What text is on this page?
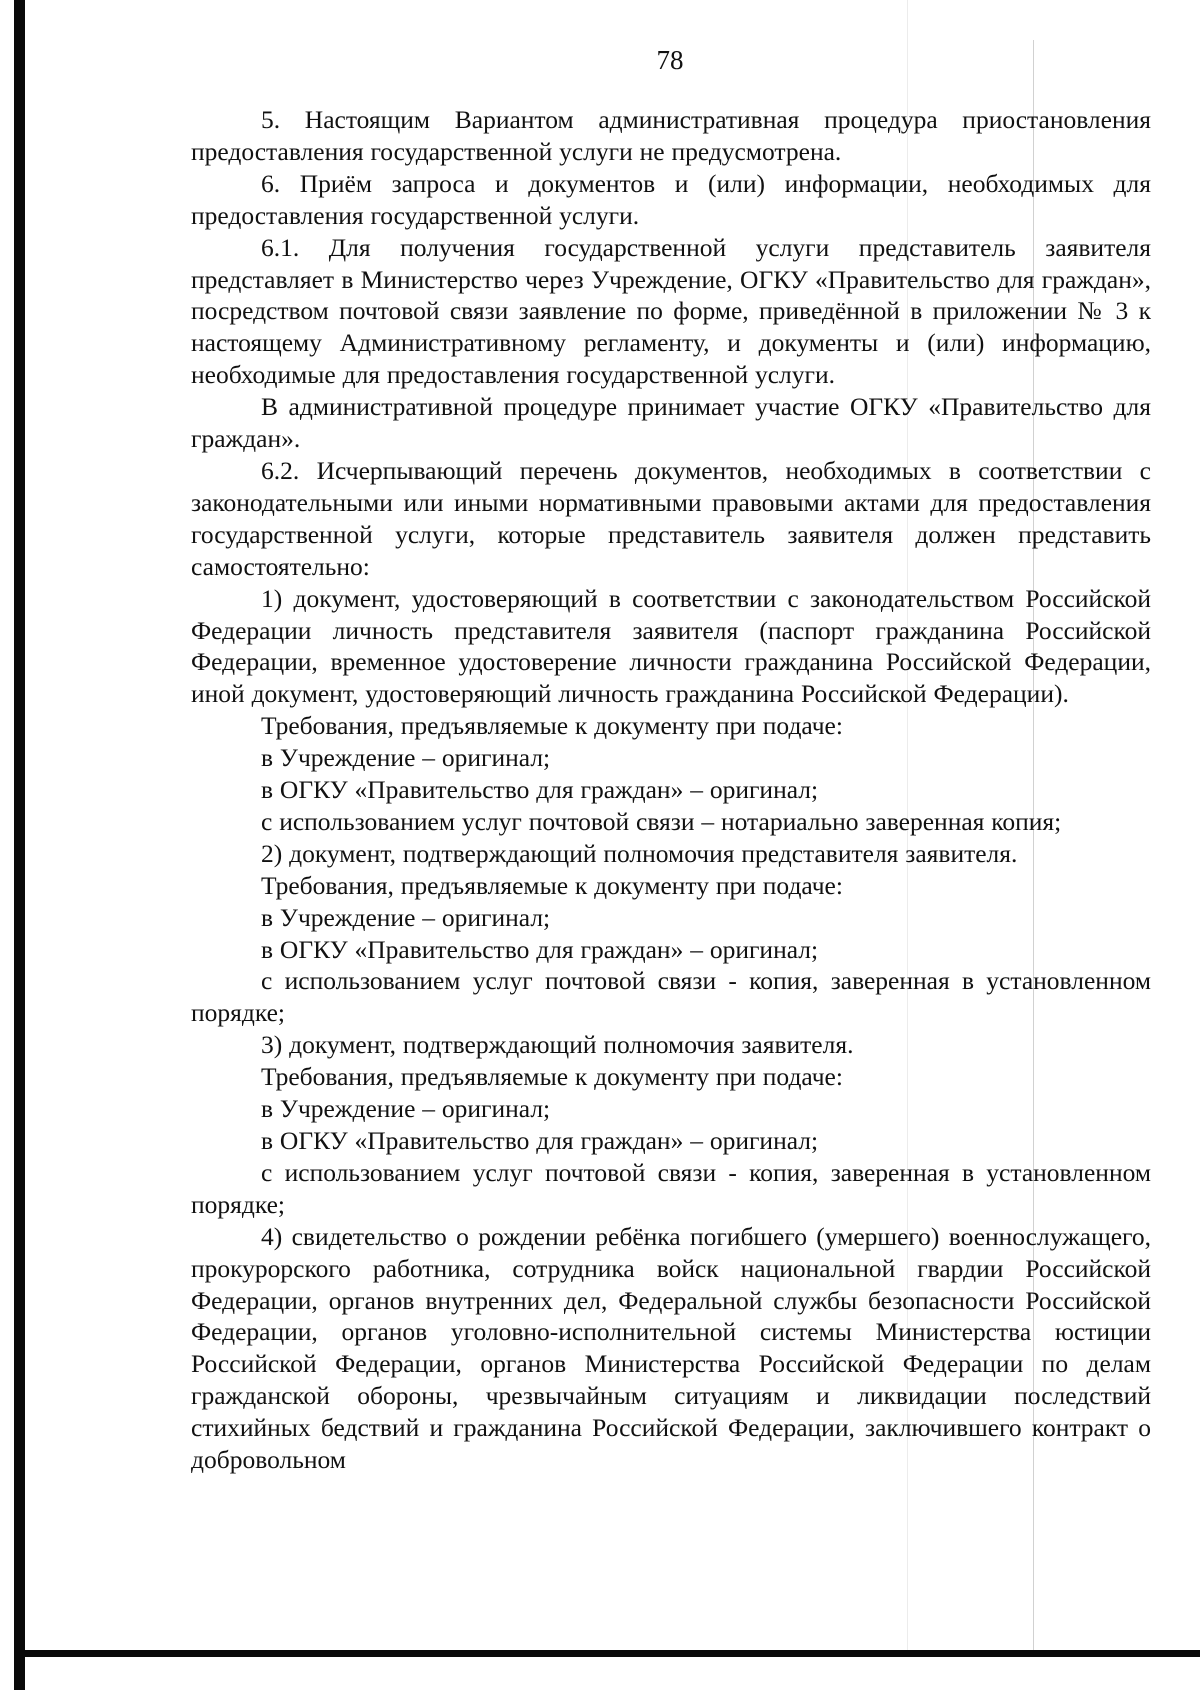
78

5. Настоящим Вариантом административная процедура приостановления предоставления государственной услуги не предусмотрена.

6. Приём запроса и документов и (или) информации, необходимых для предоставления государственной услуги.

6.1. Для получения государственной услуги представитель заявителя представляет в Министерство через Учреждение, ОГКУ «Правительство для граждан», посредством почтовой связи заявление по форме, приведённой в приложении № 3 к настоящему Административному регламенту, и документы и (или) информацию, необходимые для предоставления государственной услуги.

В административной процедуре принимает участие ОГКУ «Правительство для граждан».

6.2. Исчерпывающий перечень документов, необходимых в соответствии с законодательными или иными нормативными правовыми актами для предоставления государственной услуги, которые представитель заявителя должен представить самостоятельно:

1) документ, удостоверяющий в соответствии с законодательством Российской Федерации личность представителя заявителя (паспорт гражданина Российской Федерации, временное удостоверение личности гражданина Российской Федерации, иной документ, удостоверяющий личность гражданина Российской Федерации).

Требования, предъявляемые к документу при подаче:

в Учреждение – оригинал;

в ОГКУ «Правительство для граждан» – оригинал;

с использованием услуг почтовой связи – нотариально заверенная копия;

2) документ, подтверждающий полномочия представителя заявителя.

Требования, предъявляемые к документу при подаче:

в Учреждение – оригинал;

в ОГКУ «Правительство для граждан» – оригинал;

с использованием услуг почтовой связи - копия, заверенная в установленном порядке;

3) документ, подтверждающий полномочия заявителя.

Требования, предъявляемые к документу при подаче:

в Учреждение – оригинал;

в ОГКУ «Правительство для граждан» – оригинал;

с использованием услуг почтовой связи - копия, заверенная в установленном порядке;

4) свидетельство о рождении ребёнка погибшего (умершего) военнослужащего, прокурорского работника, сотрудника войск национальной гвардии Российской Федерации, органов внутренних дел, Федеральной службы безопасности Российской Федерации, органов уголовно-исполнительной системы Министерства юстиции Российской Федерации, органов Министерства Российской Федерации по делам гражданской обороны, чрезвычайным ситуациям и ликвидации последствий стихийных бедствий и гражданина Российской Федерации, заключившего контракт о добровольном
